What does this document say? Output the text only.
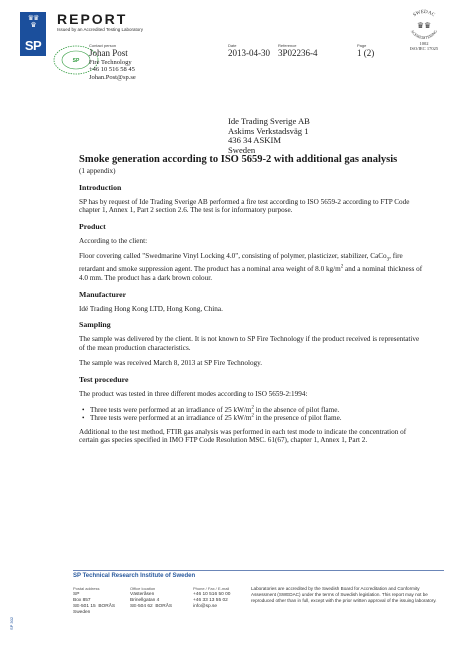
♛♛
♛
SP
REPORT
Issued by an Accredited Testing Laboratory
SP
Contact person
Johan Post
Fire Technology
+46 10 516 58 45
Johan.Post@sp.se
Date
2013-04-30
Reference
3P02236-4
Page
1 (2)
SWEDAC
ACKREDITERING
♛♛
1002
ISO/IEC 17025
Ide Trading Sverige AB
Askims Verkstadsväg 1
436 34 ASKIM
Sweden
Smoke generation according to ISO 5659-2 with additional gas analysis
(1 appendix)
Introduction
SP has by request of Ide Trading Sverige AB performed a fire test according to ISO 5659-2 according to FTP Code chapter 1, Annex 1, Part 2 section 2.6. The test is for informatory purpose.
Product
According to the client:
Floor covering called "Swedmarine Vinyl Locking 4.0", consisting of polymer, plasticizer, stabilizer, CaCo$_3$, fire retardant and smoke suppression agent. The product has a nominal area weight of 8.0 $kg/m^2$ and a nominal thickness of 4.0 mm. The product has a dark brown colour.
Manufacturer
Idé Trading Hong Kong LTD, Hong Kong, China.
Sampling
The sample was delivered by the client. It is not known to SP Fire Technology if the product received is representative of the mean production characteristics.
The sample was received March 8, 2013 at SP Fire Technology.
Test procedure
The product was tested in three different modes according to ISO 5659-2:1994:
• Three tests were performed at an irradiance of 25 $kW/m^2$ in the absence of pilot flame.
• Three tests were performed at an irradiance of 25 $kW/m^2$ in the presence of pilot flame.
Additional to the test method, FTIR gas analysis was performed in each test mode to indicate the concentration of certain gas species specified in IMO FTP Code Resolution MSC. 61(67), chapter 1, Annex 1, Part 2.
SP Technical Research Institute of Sweden
Postal address
SP
Box 857
SE-501 15  BORÅS
Sweden
Office location
Västeråsen
Brinellgatan 4
SE-504 62  BORÅS
Phone / Fax / E-mail
+46 10 516 50 00
+46 33 13 55 02
info@sp.se
Laboratories are accredited by the Swedish Board for Accreditation and Conformity Assessment (SWEDAC) under the terms of Swedish legislation. This report may not be reproduced other than in full, except with the prior written approval of the issuing laboratory.
SP 302
